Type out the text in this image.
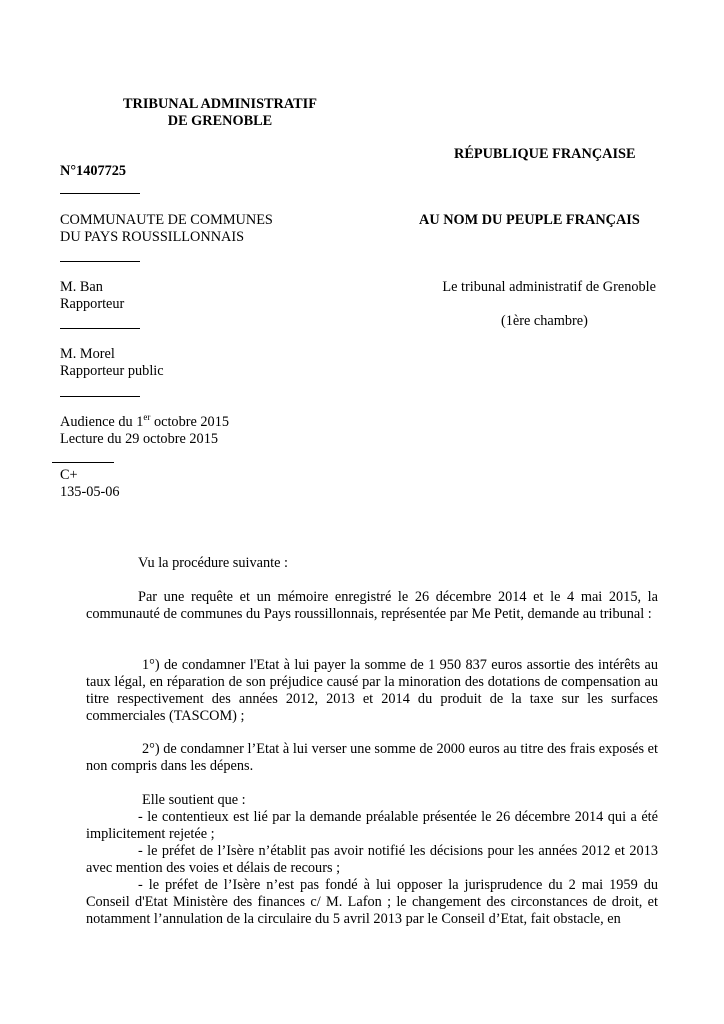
TRIBUNAL ADMINISTRATIF
DE GRENOBLE
RÉPUBLIQUE FRANÇAISE
N°1407725
COMMUNAUTE DE COMMUNES
DU PAYS ROUSSILLONNAIS
AU NOM DU PEUPLE FRANÇAIS
M. Ban
Rapporteur
Le tribunal administratif de Grenoble
(1ère chambre)
M. Morel
Rapporteur public
Audience du 1er octobre 2015
Lecture du 29 octobre 2015
C+
135-05-06
Vu la procédure suivante :
Par une requête et un mémoire enregistré le 26 décembre 2014 et le 4 mai 2015, la communauté de communes du Pays roussillonnais, représentée par Me Petit, demande au tribunal :
1°) de condamner l'Etat à lui payer la somme de 1 950 837 euros assortie des intérêts au taux légal, en réparation de son préjudice causé par la minoration des dotations de compensation au titre respectivement des années 2012, 2013 et 2014 du produit de la taxe sur les surfaces commerciales (TASCOM) ;
2°) de condamner l’Etat à lui verser une somme de 2000 euros au titre des frais exposés et non compris dans les dépens.
Elle soutient que :
- le contentieux est lié par la demande préalable présentée le 26 décembre 2014 qui a été implicitement rejetée ;
- le préfet de l’Isère n’établit pas avoir notifié les décisions pour les années 2012 et 2013 avec mention des voies et délais de recours ;
- le préfet de l’Isère n’est pas fondé à lui opposer la jurisprudence du 2 mai 1959 du Conseil d'Etat Ministère des finances c/ M. Lafon ; le changement des circonstances de droit, et notamment l’annulation de la circulaire du 5 avril 2013 par le Conseil d’Etat, fait obstacle, en
